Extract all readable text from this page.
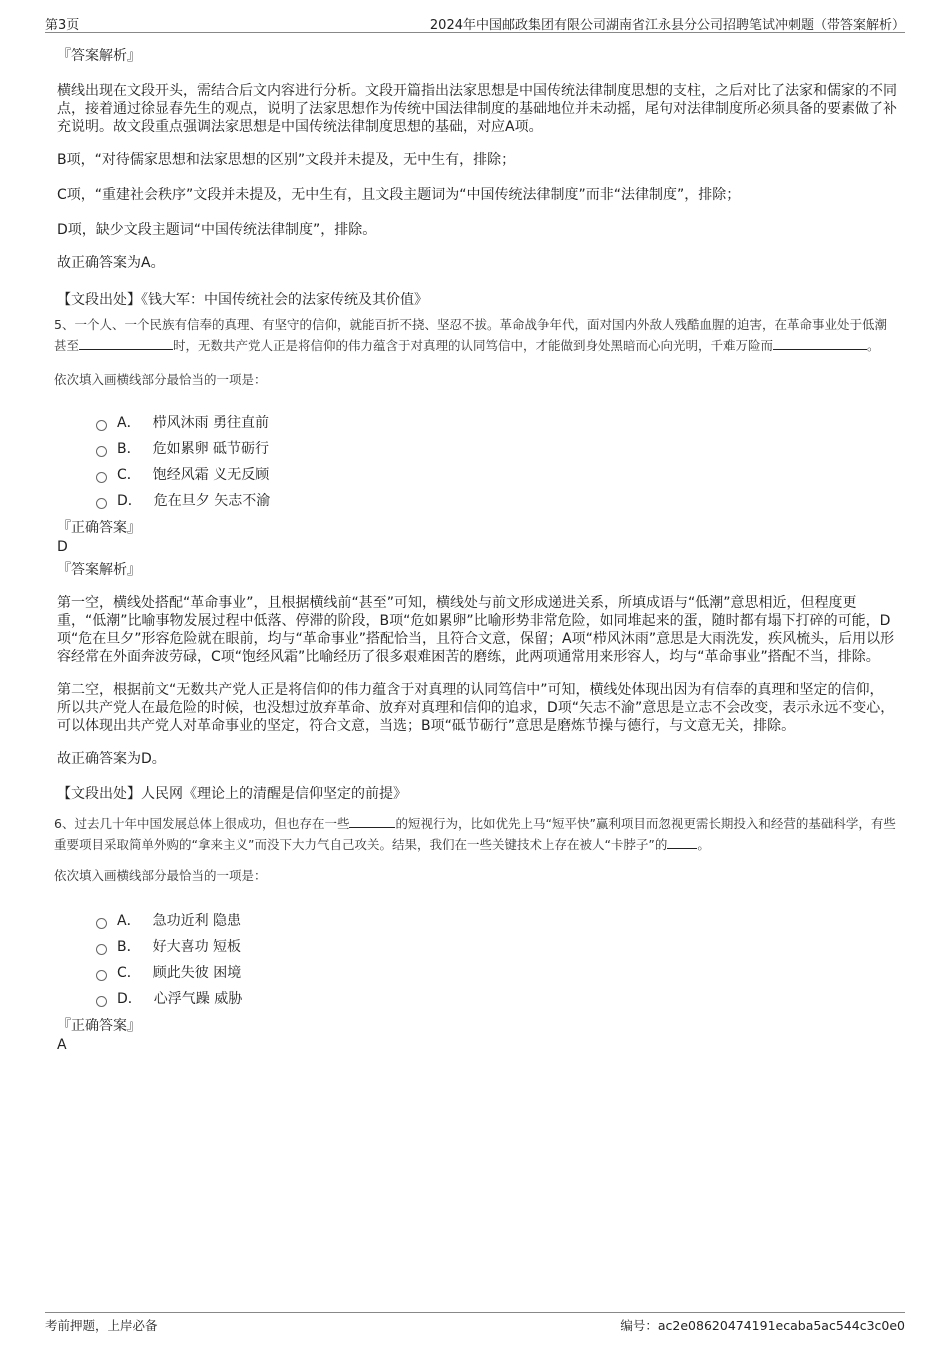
第3页	2024年中国邮政集团有限公司湖南省江永县分公司招聘笔试冲刺题（带答案解析）

『答案解析』

横线出现在文段开头，需结合后文内容进行分析。文段开篇指出法家思想是中国传统法律制度思想的支柱，之后对比了法家和儒家的不同点，接着通过徐显春先生的观点，说明了法家思想作为传统中国法律制度的基础地位并未动摇，尾句对法律制度所必须具备的要素做了补充说明。故文段重点强调法家思想是中国传统法律制度思想的基础，对应A项。

B项，“对待儒家思想和法家思想的区别”文段并未提及，无中生有，排除；

C项，“重建社会秩序”文段并未提及，无中生有，且文段主题词为“中国传统法律制度”而非“法律制度”，排除；

D项，缺少文段主题词“中国传统法律制度”，排除。

故正确答案为A。

【文段出处】《钱大军：中国传统社会的法家传统及其价值》

5、一个人、一个民族有信奉的真理、有坚守的信仰，就能百折不挠、坚忍不拔。革命战争年代，面对国内外敌人残酷血腥的迫害，在革命事业处于低潮甚至	时，无数共产党人正是将信仰的伟力蕴含于对真理的认同笃信中，才能做到身处黑暗而心向光明，千难万险而	。

依次填入画横线部分最恰当的一项是：

A． 栉风沐雨 勇往直前
B． 危如累卵 砥节砺行
C． 饱经风霜 义无反顾
D． 危在旦夕 矢志不渝

『正确答案』

D

『答案解析』

第一空，横线处搭配“革命事业”，且根据横线前“甚至”可知，横线处与前文形成递进关系，所填成语与“低潮”意思相近，但程度更重，“低潮”比喻事物发展过程中低落、停滞的阶段，B项“危如累卵”比喻形势非常危险，如同堆起来的蛋，随时都有塌下打碎的可能，D项“危在旦夕”形容危险就在眼前，均与“革命事业”搭配恰当，且符合文意，保留；A项“栉风沐雨”意思是大雨洗发，疾风梳头，后用以形容经常在外面奔波劳碌，C项“饱经风霜”比喻经历了很多艰难困苦的磨练，此两项通常用来形容人，均与“革命事业”搭配不当，排除。

第二空，根据前文“无数共产党人正是将信仰的伟力蕴含于对真理的认同笃信中”可知，横线处体现出因为有信奉的真理和坚定的信仰，所以共产党人在最危险的时候，也没想过放弃革命、放弃对真理和信仰的追求，D项“矢志不渝”意思是立志不会改变，表示永远不变心，可以体现出共产党人对革命事业的坚定，符合文意，当选；B项“砥节砺行”意思是磨炼节操与德行，与文意无关，排除。

故正确答案为D。

【文段出处】人民网《理论上的清醒是信仰坚定的前提》

6、过去几十年中国发展总体上很成功，但也存在一些	的短视行为，比如优先上马“短平快”赢利项目而忽视更需长期投入和经营的基础科学，有些重要项目采取简单外购的“拿来主义”而没下大力气自己攻关。结果，我们在一些关键技术上存在被人“卡脖子”的 。

依次填入画横线部分最恰当的一项是：

A． 急功近利 隐患
B． 好大喜功 短板
C． 顾此失彼 困境
D． 心浮气躁 威胁

『正确答案』

A

考前押题，上岸必备	编号：ac2e08620474191ecaba5ac544c3c0e0
